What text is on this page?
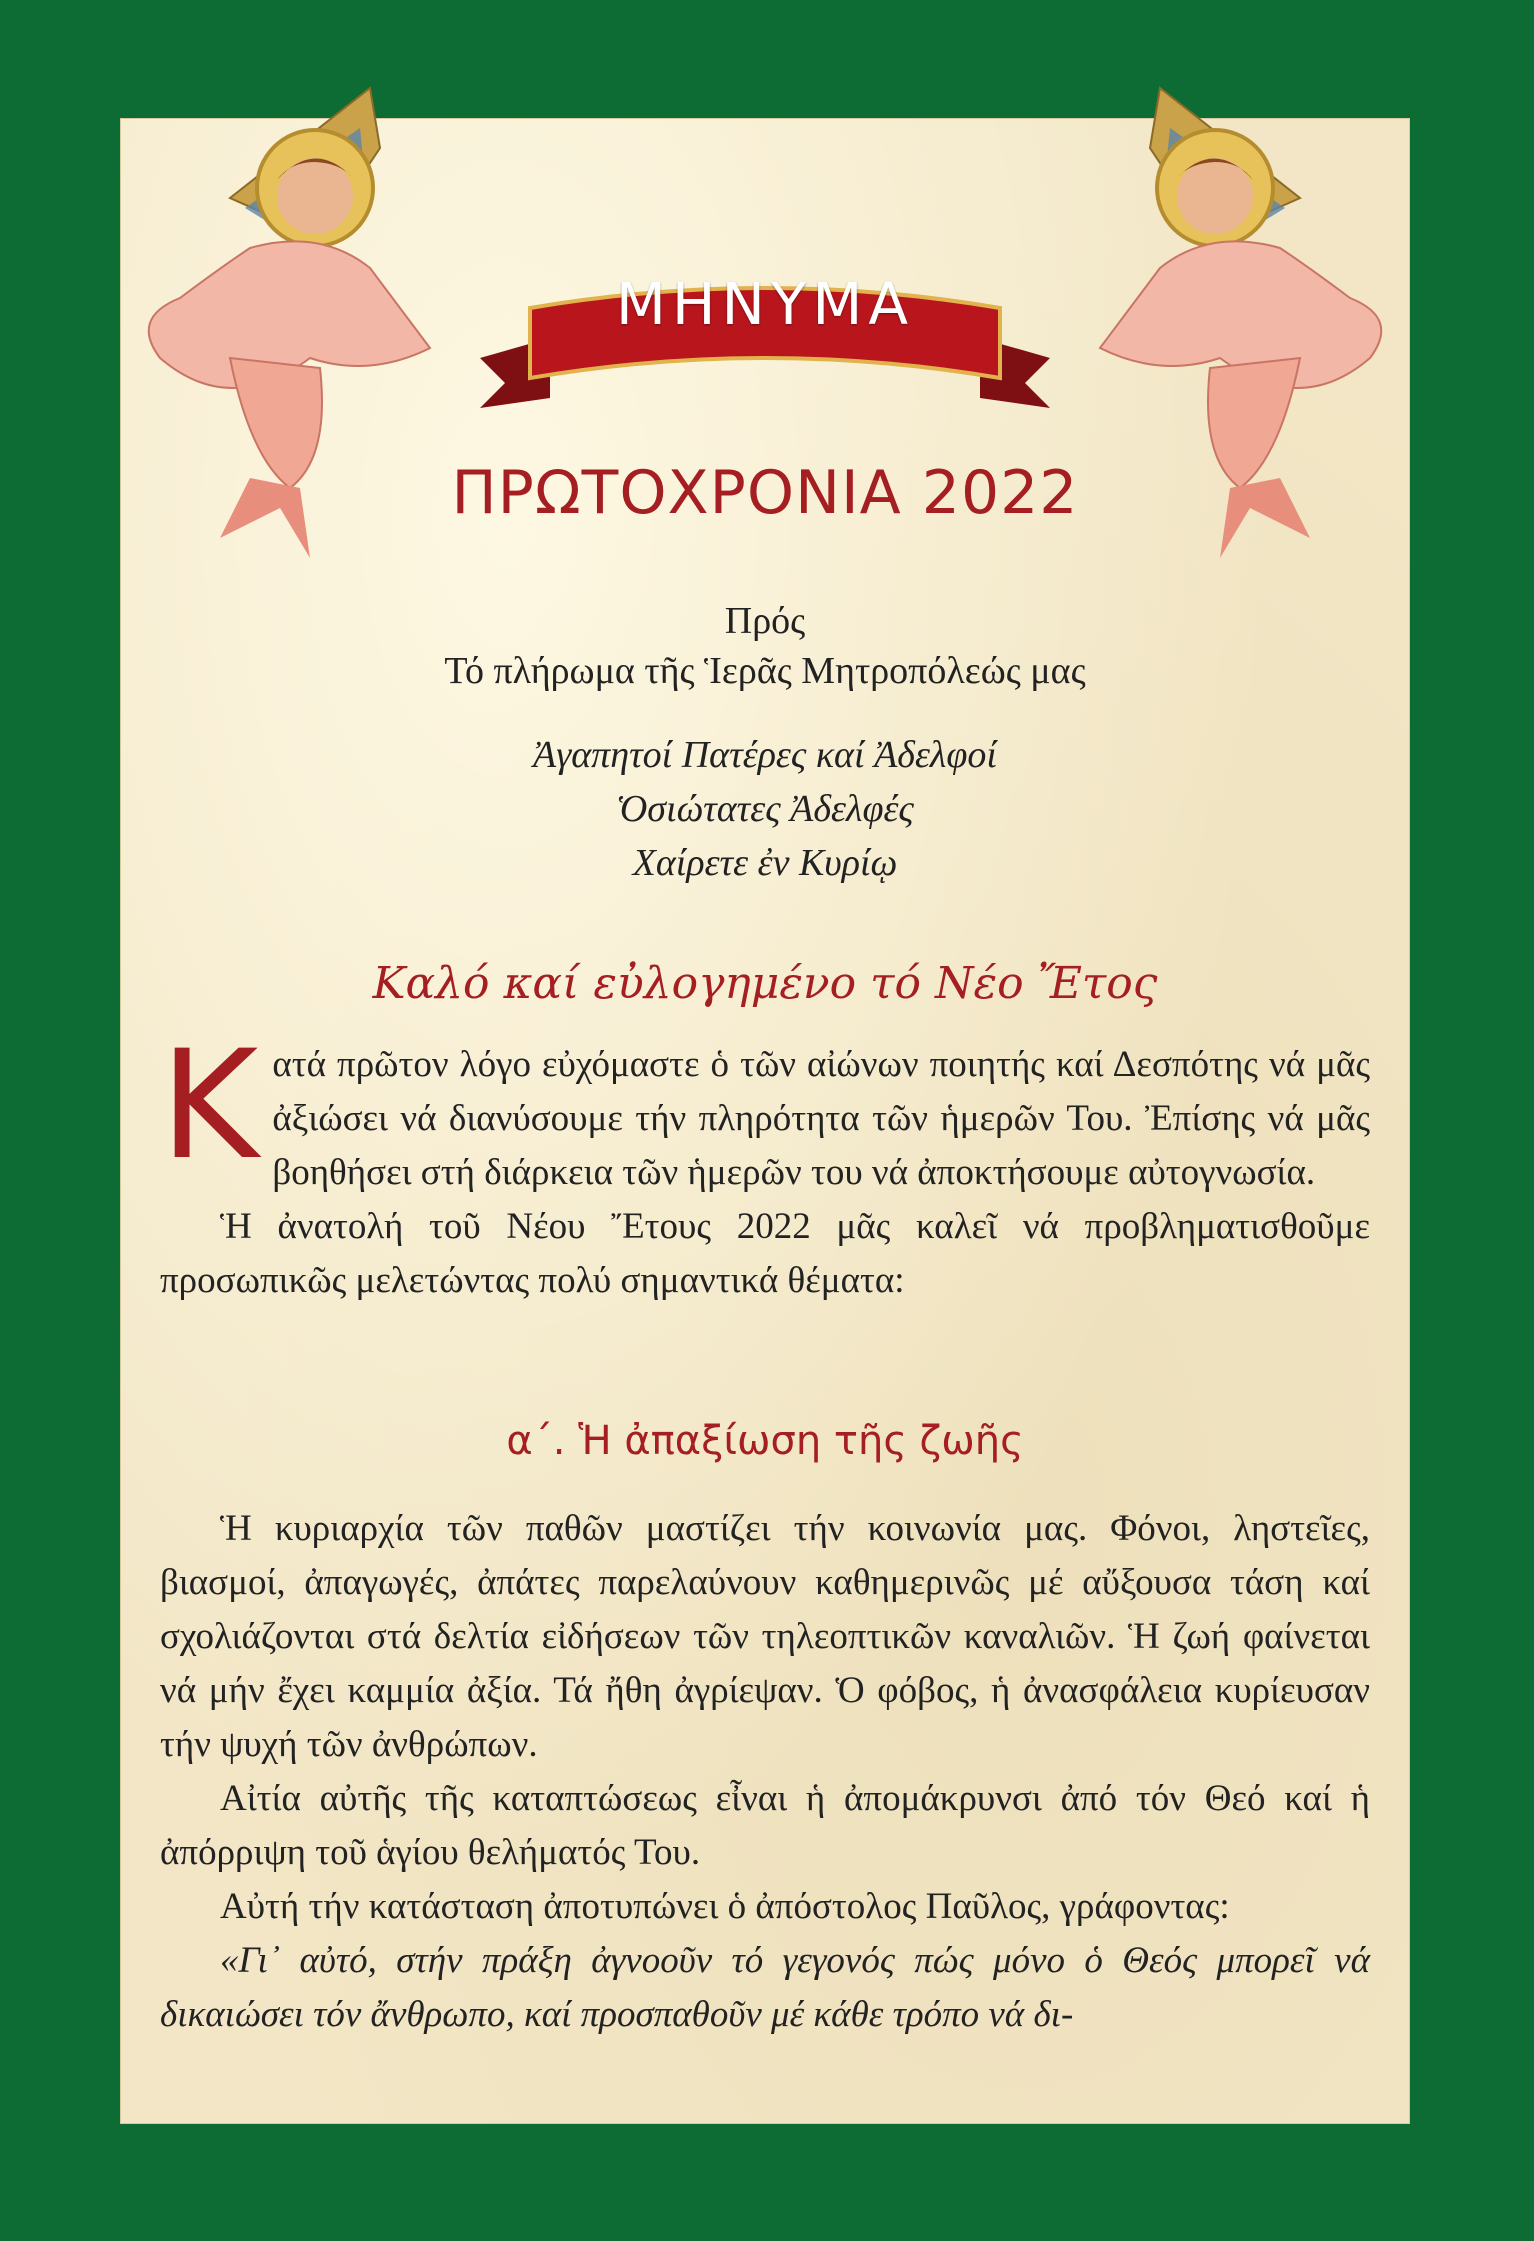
ΜΗΝΥΜΑ
ΠΡΩΤΟΧΡΟΝΙΑ 2022
Πρός
Τό πλήρωμα τῆς Ἱερᾶς Μητροπόλεώς μας
Ἀγαπητοί Πατέρες καί Ἀδελφοί
Ὁσιώτατες Ἀδελφές
Χαίρετε ἐν Κυρίῳ
Καλό καί εὐλογημένο τό Νέο Ἔτος

Κατά πρῶτον λόγο εὐχόμαστε ὁ τῶν αἰώνων ποιητής καί Δεσπότης νά μᾶς ἀξιώσει νά διανύσουμε τήν πληρότητα τῶν ἡμερῶν Του. Ἐπίσης νά μᾶς βοηθήσει στή διάρκεια τῶν ἡμερῶν του νά ἀποκτήσουμε αὐτογνωσία.

Ἡ ἀνατολή τοῦ Νέου Ἔτους 2022 μᾶς καλεῖ νά προβληματισθοῦμε προσωπικῶς μελετώντας πολύ σημαντικά θέματα:

α΄. Ἡ ἀπαξίωση τῆς ζωῆς

Ἡ κυριαρχία τῶν παθῶν μαστίζει τήν κοινωνία μας. Φόνοι, ληστεῖες, βιασμοί, ἀπαγωγές, ἀπάτες παρελαύνουν καθημερινῶς μέ αὔξουσα τάση καί σχολιάζονται στά δελτία εἰδήσεων τῶν τηλεοπτικῶν καναλιῶν. Ἡ ζωή φαίνεται νά μήν ἔχει καμμία ἀξία. Τά ἤθη ἀγρίεψαν. Ὁ φόβος, ἡ ἀνασφάλεια κυρίευσαν τήν ψυχή τῶν ἀνθρώπων.

Αἰτία αὐτῆς τῆς καταπτώσεως εἶναι ἡ ἀπομάκρυνσι ἀπό τόν Θεό καί ἡ ἀπόρριψη τοῦ ἁγίου θελήματός Του.

Αὐτή τήν κατάσταση ἀποτυπώνει ὁ ἀπόστολος Παῦλος, γράφοντας:

«Γι᾽ αὐτό, στήν πράξη ἀγνοοῦν τό γεγονός πώς μόνο ὁ Θεός μπορεῖ νά δικαιώσει τόν ἄνθρωπο, καί προσπαθοῦν μέ κάθε τρόπο νά δι-
